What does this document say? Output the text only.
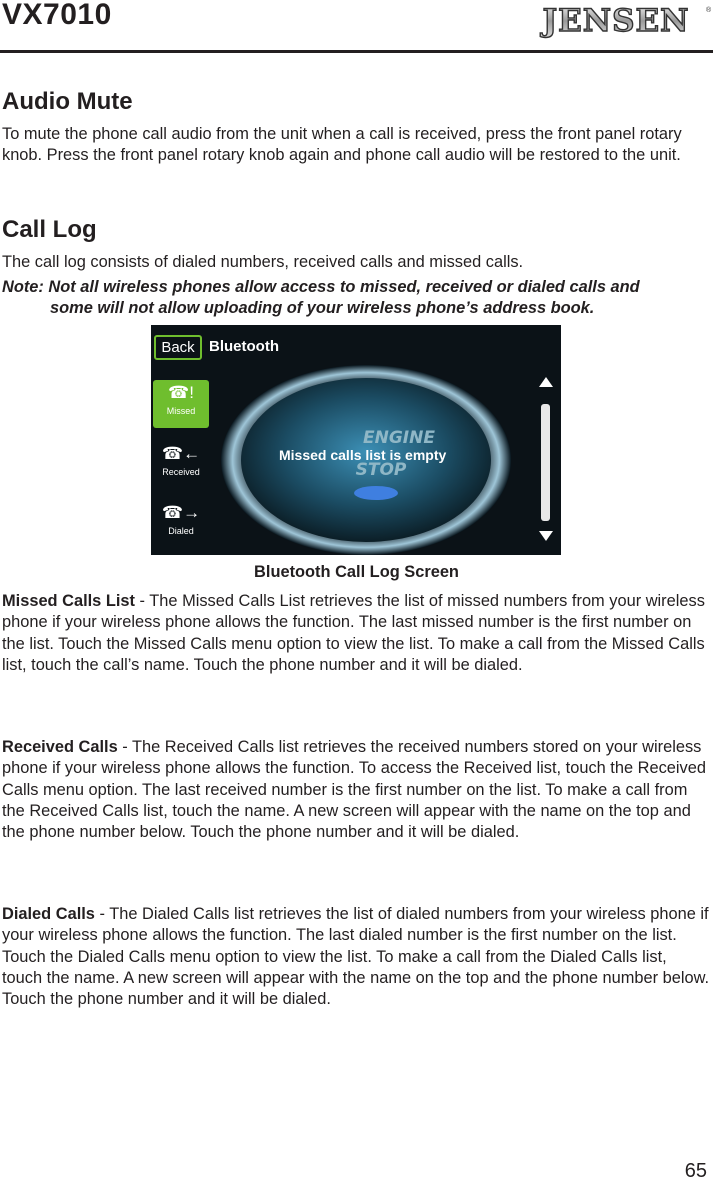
VX7010	JENSEN ®
Audio Mute

To mute the phone call audio from the unit when a call is received, press the front panel rotary knob. Press the front panel rotary knob again and phone call audio will be restored to the unit.

Call Log

The call log consists of dialed numbers, received calls and missed calls.

Note: Not all wireless phones allow access to missed, received or dialed calls and
some will not allow uploading of your wireless phone’s address book.
ENGINE
STOP
Back Bluetooth
☎!
Missed
☎←
Received
☎→
Dialed
Missed calls list is empty
Bluetooth Call Log Screen

Missed Calls List - The Missed Calls List retrieves the list of missed numbers from your wireless phone if your wireless phone allows the function. The last missed number is the first number on the list. Touch the Missed Calls menu option to view the list. To make a call from the Missed Calls list, touch the call’s name. Touch the phone number and it will be dialed.

Received Calls - The Received Calls list retrieves the received numbers stored on your wireless phone if your wireless phone allows the function. To access the Received list, touch the Received Calls menu option. The last received number is the first number on the list. To make a call from the Received Calls list, touch the name. A new screen will appear with the name on the top and the phone number below. Touch the phone number and it will be dialed.

Dialed Calls - The Dialed Calls list retrieves the list of dialed numbers from your wireless phone if your wireless phone allows the function. The last dialed number is the first number on the list. Touch the Dialed Calls menu option to view the list. To make a call from the Dialed Calls list, touch the name. A new screen will appear with the name on the top and the phone number below. Touch the phone number and it will be dialed.

65
